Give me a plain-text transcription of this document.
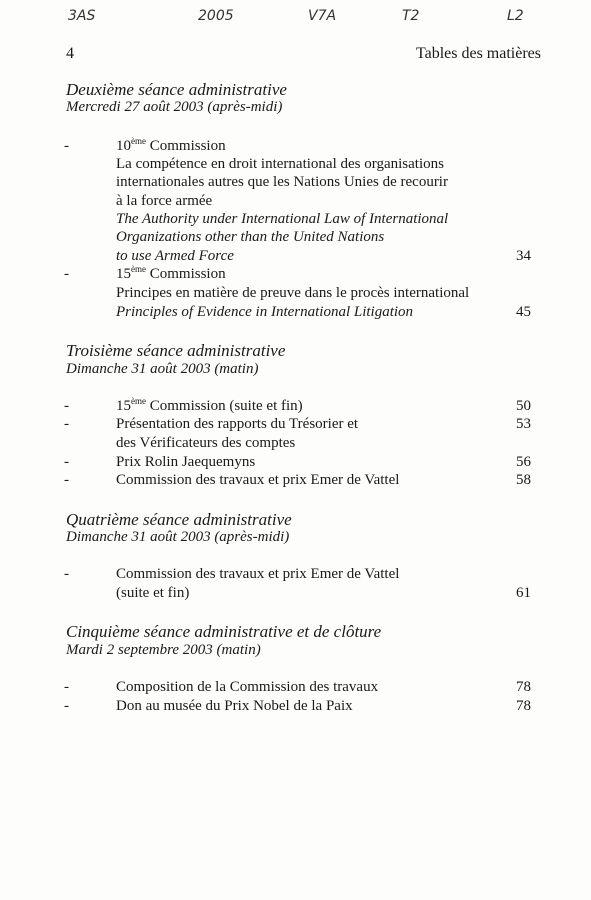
3AS	2005	V7A	T2	L2
4	Tables des matières
Deuxième séance administrative
Mercredi 27 août 2003 (après-midi)
-	10ème Commission
La compétence en droit international des organisations
internationales autres que les Nations Unies de recourir
à la force armée
The Authority under International Law of International
Organizations other than the United Nations
to use Armed Force	34
-	15ème Commission
Principes en matière de preuve dans le procès international
Principles of Evidence in International Litigation	45
Troisième séance administrative
Dimanche 31 août 2003 (matin)
-	15ème Commission (suite et fin)	50
-	Présentation des rapports du Trésorier et	53
des Vérificateurs des comptes
-	Prix Rolin Jaequemyns	56
-	Commission des travaux et prix Emer de Vattel	58
Quatrième séance administrative
Dimanche 31 août 2003 (après-midi)
-	Commission des travaux et prix Emer de Vattel
(suite et fin)	61
Cinquième séance administrative et de clôture
Mardi 2 septembre 2003 (matin)
-	Composition de la Commission des travaux	78
-	Don au musée du Prix Nobel de la Paix	78
